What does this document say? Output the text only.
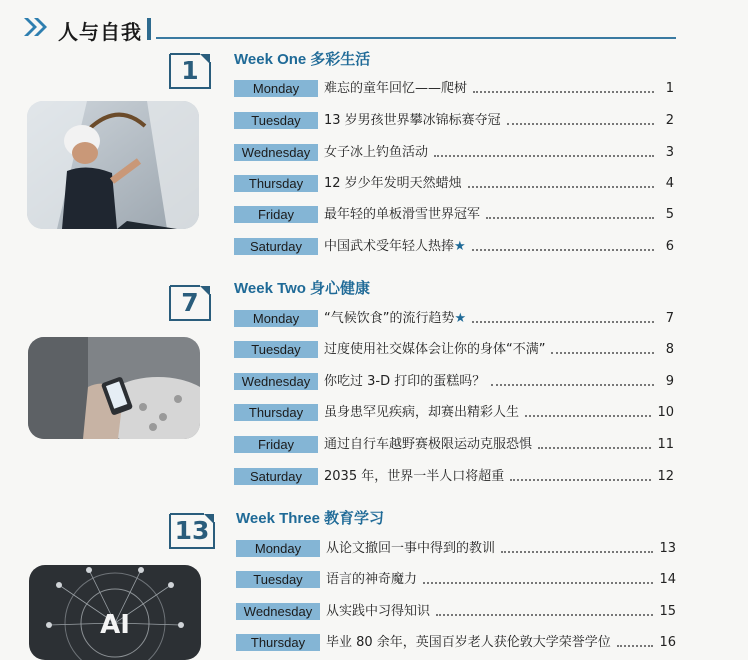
人与自我
1
7
13
Week One 多彩生活
Week Two 身心健康
Week Three 教育学习
Monday	难忘的童年回忆——爬树	1
Tuesday	13 岁男孩世界攀冰锦标赛夺冠	2
Wednesday	女子冰上钓鱼活动	3
Thursday	12 岁少年发明天然蜡烛	4
Friday	最年轻的单板滑雪世界冠军	5
Saturday	中国武术受年轻人热捧 ★	6
Monday	“气候饮食”的流行趋势 ★	7
Tuesday	过度使用社交媒体会让你的身体“不满”	8
Wednesday	你吃过 3-D 打印的蛋糕吗？	9
Thursday	虽身患罕见疾病，却赛出精彩人生	10
Friday	通过自行车越野赛极限运动克服恐惧	11
Saturday	2035 年，世界一半人口将超重	12
Monday	从论文撤回一事中得到的教训	13
Tuesday	语言的神奇魔力	14
Wednesday	从实践中习得知识	15
Thursday	毕业 80 余年，英国百岁老人获伦敦大学荣誉学位	16
AI
